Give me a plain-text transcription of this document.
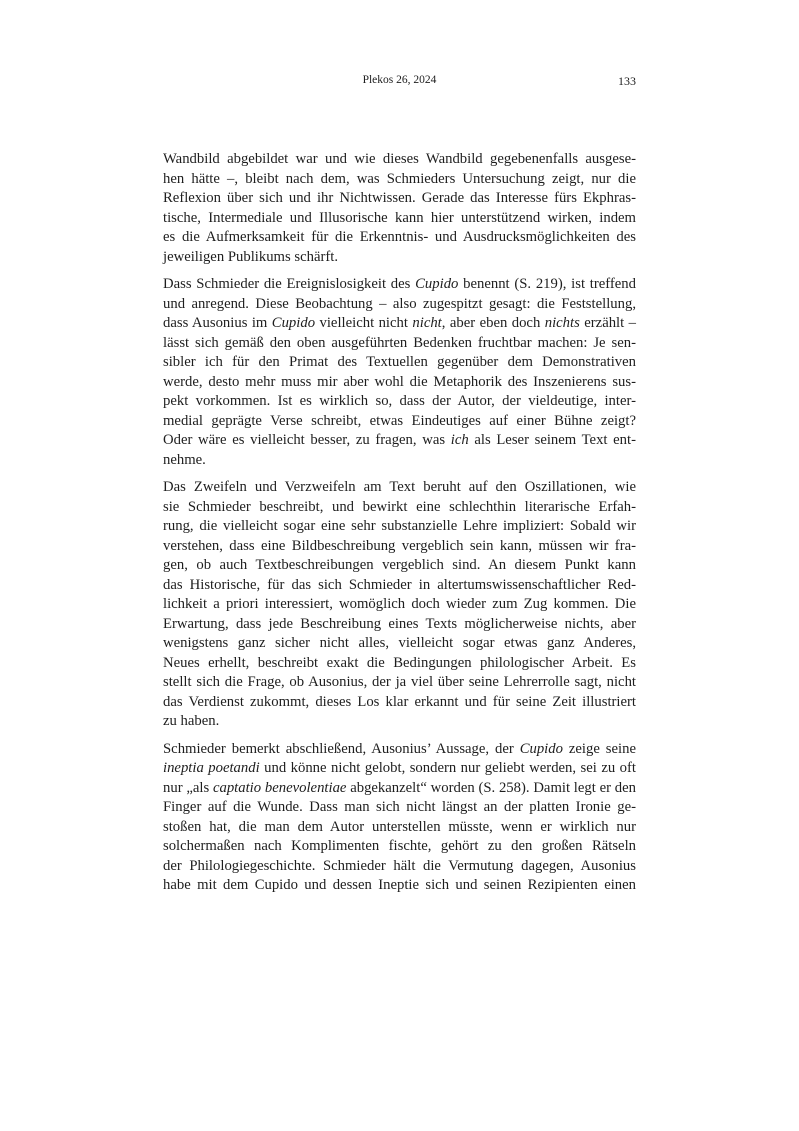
Plekos 26, 2024	133
Wandbild abgebildet war und wie dieses Wandbild gegebenenfalls ausgese-
hen hätte –, bleibt nach dem, was Schmieders Untersuchung zeigt, nur die
Reflexion über sich und ihr Nichtwissen. Gerade das Interesse fürs Ekphras-
tische, Intermediale und Illusorische kann hier unterstützend wirken, indem
es die Aufmerksamkeit für die Erkenntnis- und Ausdrucksmöglichkeiten des
jeweiligen Publikums schärft.
Dass Schmieder die Ereignislosigkeit des Cupido benennt (S. 219), ist treffend
und anregend. Diese Beobachtung – also zugespitzt gesagt: die Feststellung,
dass Ausonius im Cupido vielleicht nicht nicht, aber eben doch nichts erzählt –
lässt sich gemäß den oben ausgeführten Bedenken fruchtbar machen: Je sen-
sibler ich für den Primat des Textuellen gegenüber dem Demonstrativen
werde, desto mehr muss mir aber wohl die Metaphorik des Inszenierens sus-
pekt vorkommen. Ist es wirklich so, dass der Autor, der vieldeutige, inter-
medial geprägte Verse schreibt, etwas Eindeutiges auf einer Bühne zeigt?
Oder wäre es vielleicht besser, zu fragen, was ich als Leser seinem Text ent-
nehme.
Das Zweifeln und Verzweifeln am Text beruht auf den Oszillationen, wie
sie Schmieder beschreibt, und bewirkt eine schlechthin literarische Erfah-
rung, die vielleicht sogar eine sehr substanzielle Lehre impliziert: Sobald wir
verstehen, dass eine Bildbeschreibung vergeblich sein kann, müssen wir fra-
gen, ob auch Textbeschreibungen vergeblich sind. An diesem Punkt kann
das Historische, für das sich Schmieder in altertumswissenschaftlicher Red-
lichkeit a priori interessiert, womöglich doch wieder zum Zug kommen. Die
Erwartung, dass jede Beschreibung eines Texts möglicherweise nichts, aber
wenigstens ganz sicher nicht alles, vielleicht sogar etwas ganz Anderes,
Neues erhellt, beschreibt exakt die Bedingungen philologischer Arbeit. Es
stellt sich die Frage, ob Ausonius, der ja viel über seine Lehrerrolle sagt, nicht
das Verdienst zukommt, dieses Los klar erkannt und für seine Zeit illustriert
zu haben.
Schmieder bemerkt abschließend, Ausonius’ Aussage, der Cupido zeige seine
ineptia poetandi und könne nicht gelobt, sondern nur geliebt werden, sei zu oft
nur „als captatio benevolentiae abgekanzelt“ worden (S. 258). Damit legt er den
Finger auf die Wunde. Dass man sich nicht längst an der platten Ironie ge-
stoßen hat, die man dem Autor unterstellen müsste, wenn er wirklich nur
solchermaßen nach Komplimenten fischte, gehört zu den großen Rätseln
der Philologiegeschichte. Schmieder hält die Vermutung dagegen, Ausonius
habe mit dem Cupido und dessen Ineptie sich und seinen Rezipienten einen
